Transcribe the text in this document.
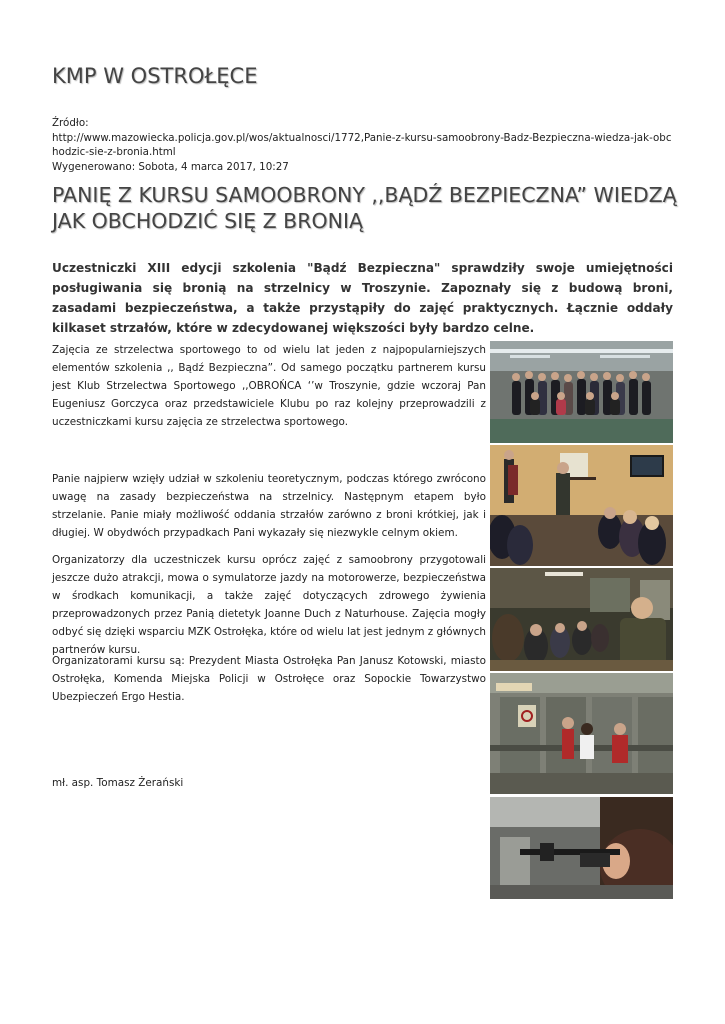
KMP W OSTROŁĘCE
Źródło:
http://www.mazowiecka.policja.gov.pl/wos/aktualnosci/1772,Panie-z-kursu-samoobrony-Badz-Bezpieczna-wiedza-jak-obchodzic-sie-z-bronia.html
Wygenerowano: Sobota, 4 marca 2017, 10:27
PANIĘ Z KURSU SAMOOBRONY ,,BĄDŹ BEZPIECZNA” WIEDZĄ JAK OBCHODZIĆ SIĘ Z BRONIĄ

Uczestniczki XIII edycji szkolenia "Bądź Bezpieczna" sprawdziły swoje umiejętności posługiwania się bronią na strzelnicy w Troszynie. Zapoznały się z budową broni, zasadami bezpieczeństwa, a także przystąpiły do zajęć praktycznych. Łącznie oddały kilkaset strzałów, które w zdecydowanej większości były bardzo celne.

Zajęcia ze strzelectwa sportowego to od wielu lat jeden z najpopularniejszych elementów szkolenia ,, Bądź Bezpieczna”. Od samego początku partnerem kursu jest Klub Strzelectwa Sportowego ,,OBROŃCA ‘’w Troszynie, gdzie wczoraj Pan Eugeniusz Gorczyca oraz przedstawiciele Klubu po raz kolejny przeprowadzili z uczestniczkami kursu zajęcia ze strzelectwa sportowego.

Panie najpierw wzięły udział w szkoleniu teoretycznym, podczas którego zwrócono uwagę na zasady bezpieczeństwa na strzelnicy. Następnym etapem było strzelanie. Panie miały możliwość oddania strzałów zarówno z broni krótkiej, jak i długiej. W obydwóch przypadkach Pani wykazały się niezwykle celnym okiem.

Organizatorzy dla uczestniczek kursu oprócz zajęć z samoobrony przygotowali jeszcze dużo atrakcji, mowa o symulatorze jazdy na motorowerze, bezpieczeństwa w środkach komunikacji, a także zajęć dotyczących zdrowego żywienia przeprowadzonych przez Panią dietetyk Joanne Duch z Naturhouse. Zajęcia mogły odbyć się dzięki wsparciu MZK Ostrołęka, które od wielu lat jest jednym z głównych partnerów kursu.

Organizatorami kursu są: Prezydent Miasta Ostrołęka Pan Janusz Kotowski, miasto Ostrołęka, Komenda Miejska Policji w Ostrołęce oraz Sopockie Towarzystwo Ubezpieczeń Ergo Hestia.

mł. asp. Tomasz Żerański
